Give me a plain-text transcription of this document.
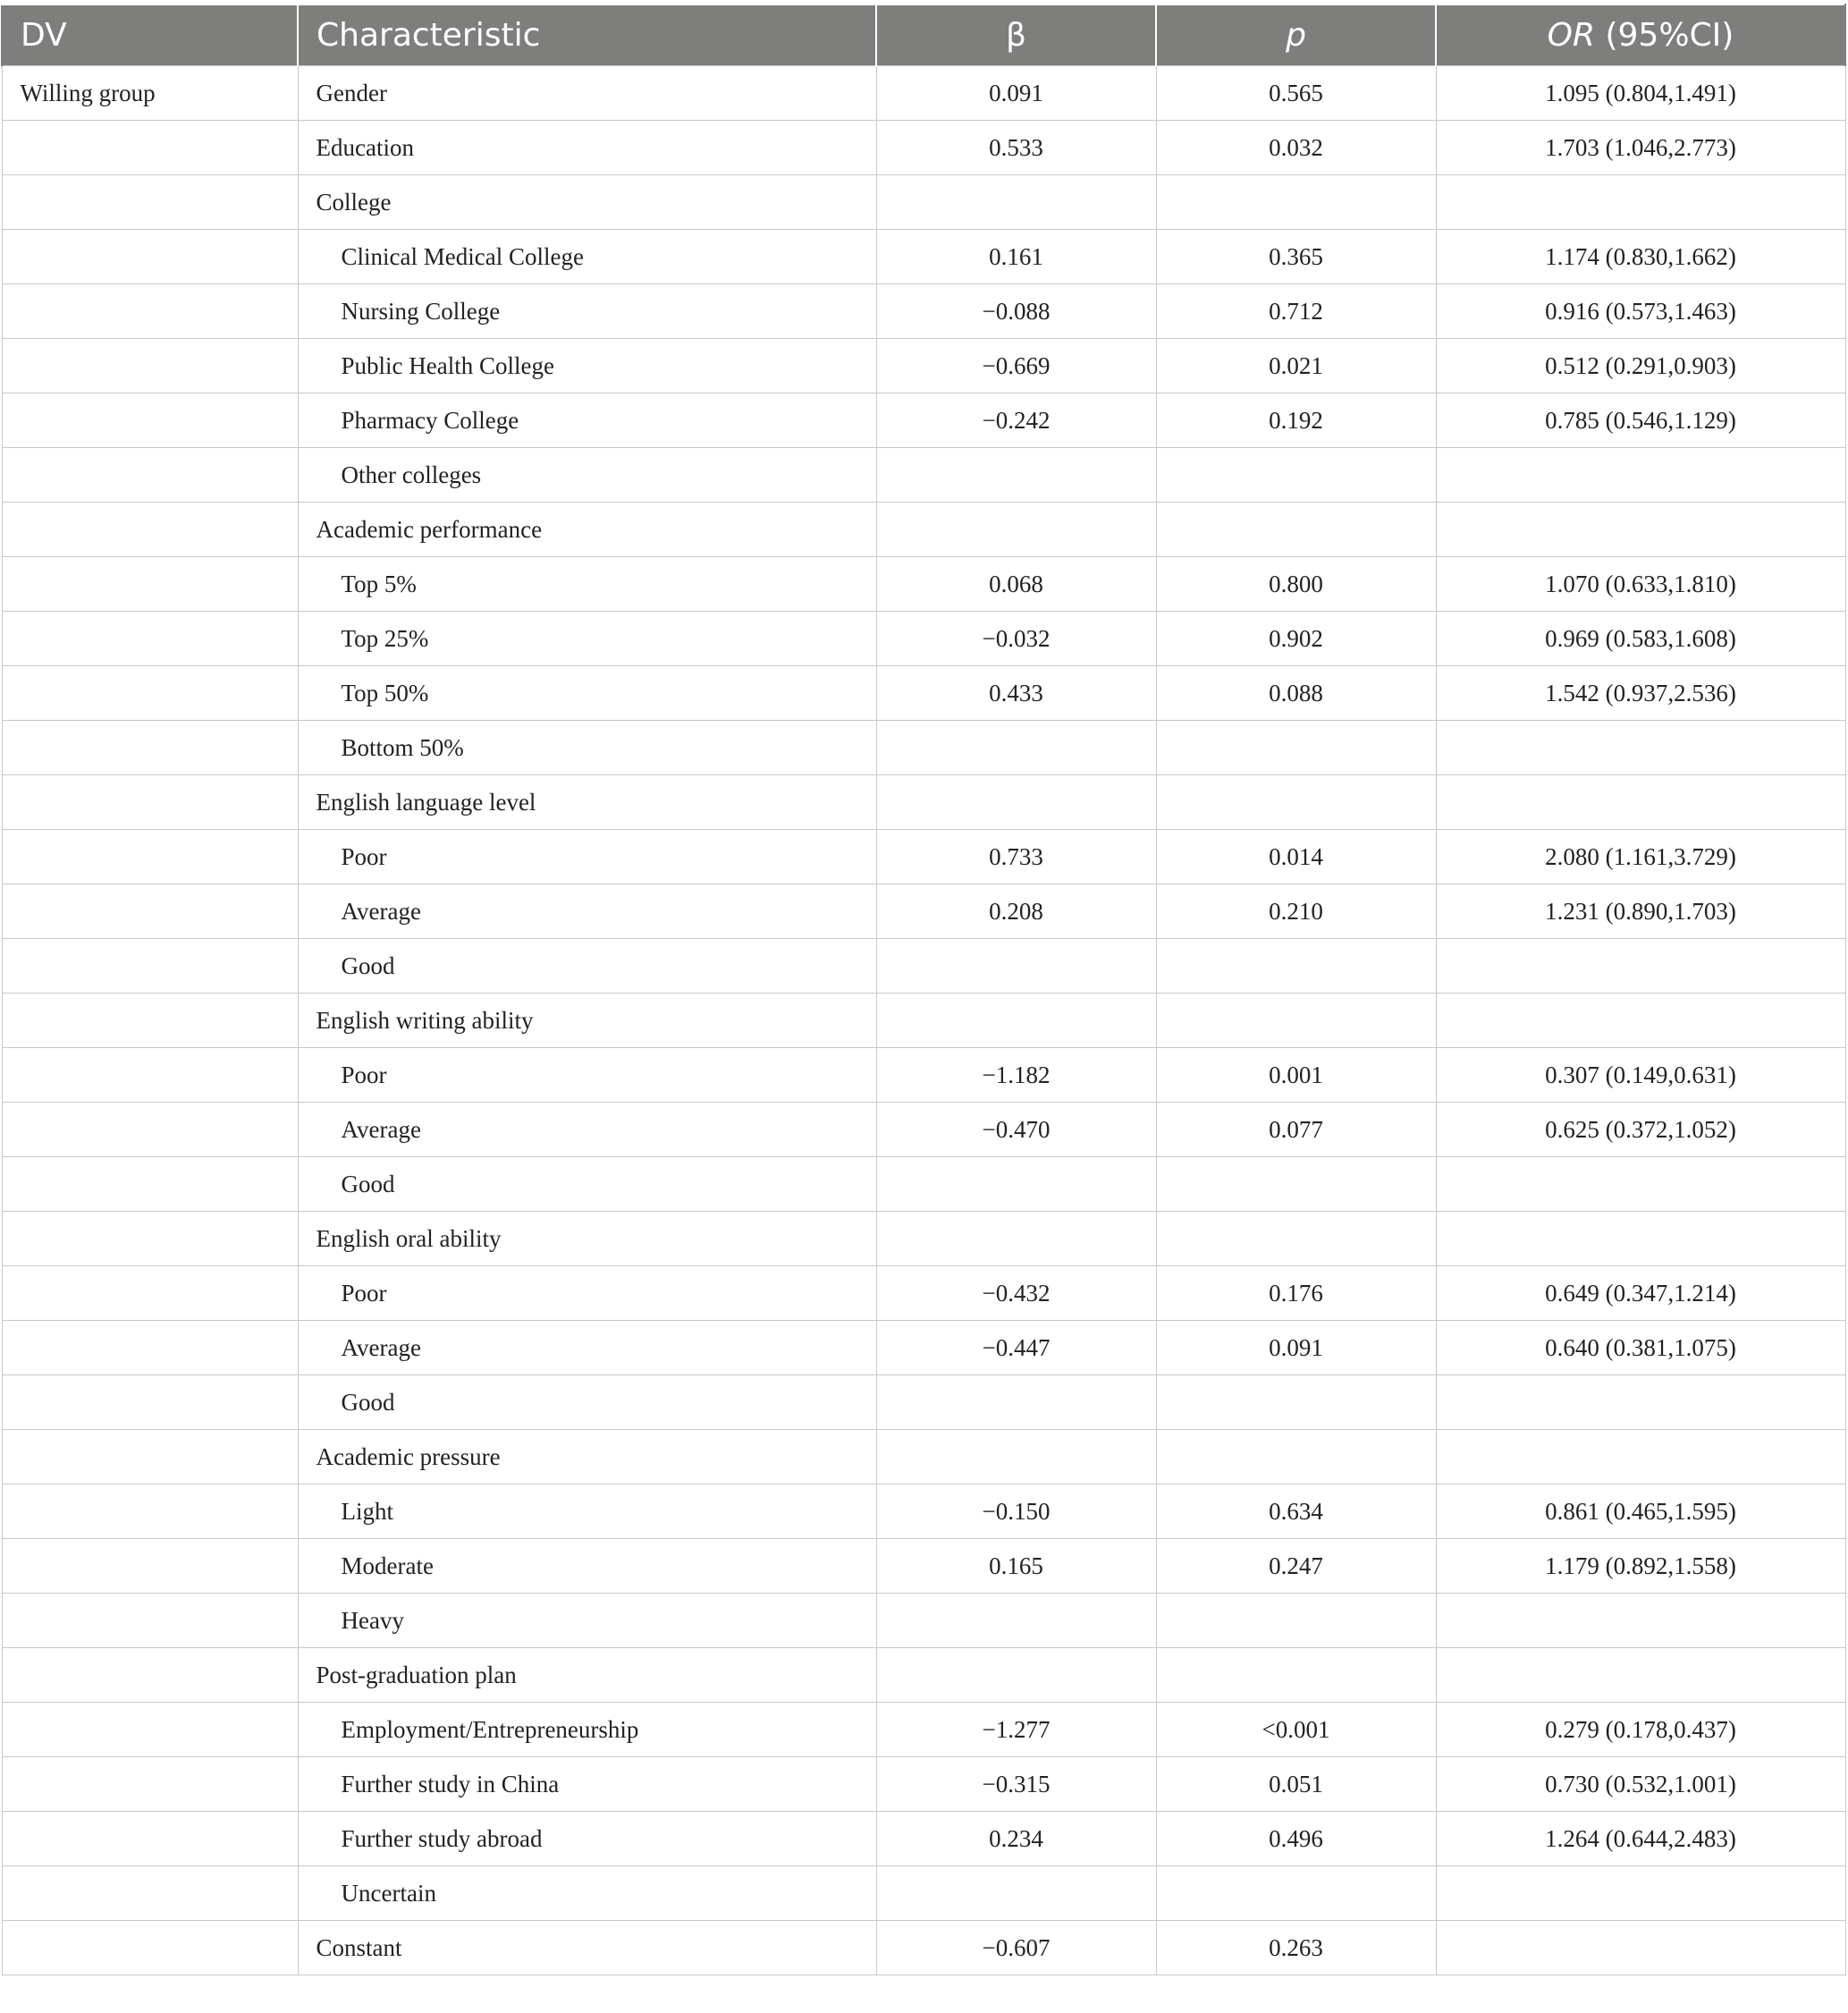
DV	Characteristic	β	p	OR (95%CI)
Willing group	Gender	0.091	0.565	1.095 (0.804,1.491)
	Education	0.533	0.032	1.703 (1.046,2.773)
	College			
	Clinical Medical College	0.161	0.365	1.174 (0.830,1.662)
	Nursing College	−0.088	0.712	0.916 (0.573,1.463)
	Public Health College	−0.669	0.021	0.512 (0.291,0.903)
	Pharmacy College	−0.242	0.192	0.785 (0.546,1.129)
	Other colleges			
	Academic performance			
	Top 5%	0.068	0.800	1.070 (0.633,1.810)
	Top 25%	−0.032	0.902	0.969 (0.583,1.608)
	Top 50%	0.433	0.088	1.542 (0.937,2.536)
	Bottom 50%			
	English language level			
	Poor	0.733	0.014	2.080 (1.161,3.729)
	Average	0.208	0.210	1.231 (0.890,1.703)
	Good			
	English writing ability			
	Poor	−1.182	0.001	0.307 (0.149,0.631)
	Average	−0.470	0.077	0.625 (0.372,1.052)
	Good			
	English oral ability			
	Poor	−0.432	0.176	0.649 (0.347,1.214)
	Average	−0.447	0.091	0.640 (0.381,1.075)
	Good			
	Academic pressure			
	Light	−0.150	0.634	0.861 (0.465,1.595)
	Moderate	0.165	0.247	1.179 (0.892,1.558)
	Heavy			
	Post-graduation plan			
	Employment/Entrepreneurship	−1.277	<0.001	0.279 (0.178,0.437)
	Further study in China	−0.315	0.051	0.730 (0.532,1.001)
	Further study abroad	0.234	0.496	1.264 (0.644,2.483)
	Uncertain			
	Constant	−0.607	0.263	
